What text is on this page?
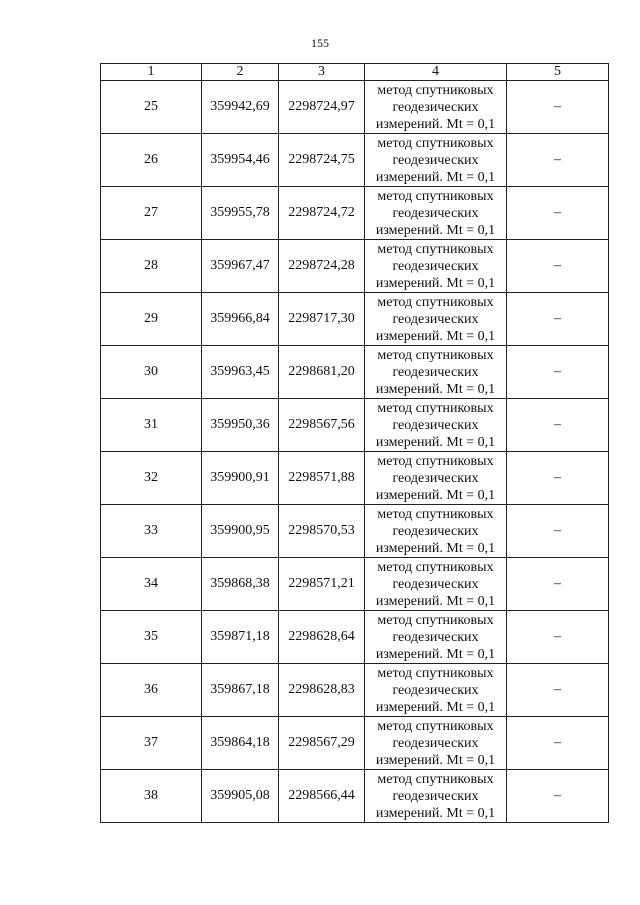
155
1	2	3	4	5
25	359942,69	2298724,97	метод спутниковых
геодезических
измерений. Mt = 0,1	–
26	359954,46	2298724,75	метод спутниковых
геодезических
измерений. Mt = 0,1	–
27	359955,78	2298724,72	метод спутниковых
геодезических
измерений. Mt = 0,1	–
28	359967,47	2298724,28	метод спутниковых
геодезических
измерений. Mt = 0,1	–
29	359966,84	2298717,30	метод спутниковых
геодезических
измерений. Mt = 0,1	–
30	359963,45	2298681,20	метод спутниковых
геодезических
измерений. Mt = 0,1	–
31	359950,36	2298567,56	метод спутниковых
геодезических
измерений. Mt = 0,1	–
32	359900,91	2298571,88	метод спутниковых
геодезических
измерений. Mt = 0,1	–
33	359900,95	2298570,53	метод спутниковых
геодезических
измерений. Mt = 0,1	–
34	359868,38	2298571,21	метод спутниковых
геодезических
измерений. Mt = 0,1	–
35	359871,18	2298628,64	метод спутниковых
геодезических
измерений. Mt = 0,1	–
36	359867,18	2298628,83	метод спутниковых
геодезических
измерений. Mt = 0,1	–
37	359864,18	2298567,29	метод спутниковых
геодезических
измерений. Mt = 0,1	–
38	359905,08	2298566,44	метод спутниковых
геодезических
измерений. Mt = 0,1	–
